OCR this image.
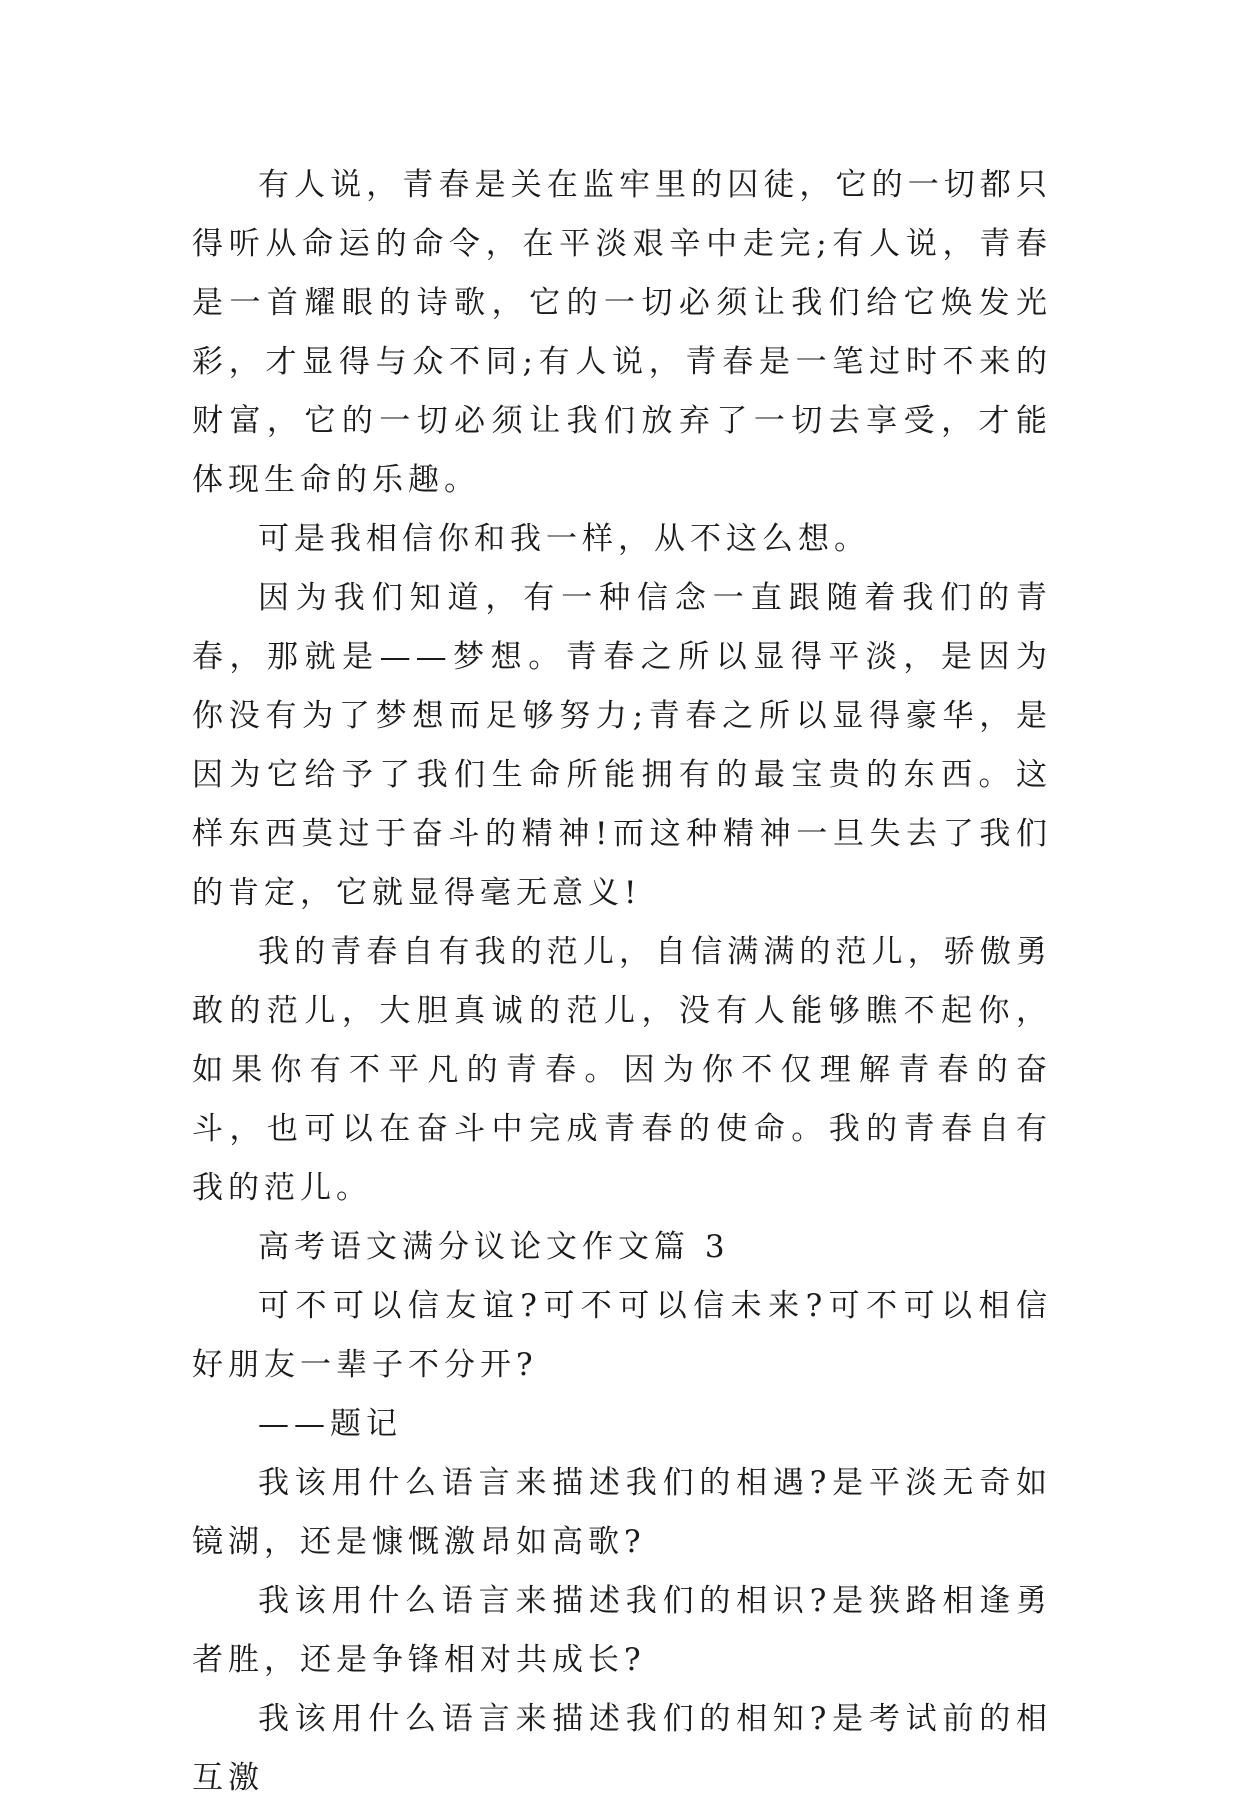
有人说，青春是关在监牢里的囚徒，它的一切都只得听从命运的命令，在平淡艰辛中走完;有人说，青春是一首耀眼的诗歌，它的一切必须让我们给它焕发光彩，才显得与众不同;有人说，青春是一笔过时不来的财富，它的一切必须让我们放弃了一切去享受，才能体现生命的乐趣。

可是我相信你和我一样，从不这么想。

因为我们知道，有一种信念一直跟随着我们的青春，那就是——梦想。青春之所以显得平淡，是因为你没有为了梦想而足够努力;青春之所以显得豪华，是因为它给予了我们生命所能拥有的最宝贵的东西。这样东西莫过于奋斗的精神!而这种精神一旦失去了我们的肯定，它就显得毫无意义!

我的青春自有我的范儿，自信满满的范儿，骄傲勇敢的范儿，大胆真诚的范儿，没有人能够瞧不起你，如果你有不平凡的青春。因为你不仅理解青春的奋斗，也可以在奋斗中完成青春的使命。我的青春自有我的范儿。

高考语文满分议论文作文篇 3

可不可以信友谊?可不可以信未来?可不可以相信好朋友一辈子不分开?

——题记

我该用什么语言来描述我们的相遇?是平淡无奇如镜湖，还是慷慨激昂如高歌?

我该用什么语言来描述我们的相识?是狭路相逢勇者胜，还是争锋相对共成长?

我该用什么语言来描述我们的相知?是考试前的相互激
